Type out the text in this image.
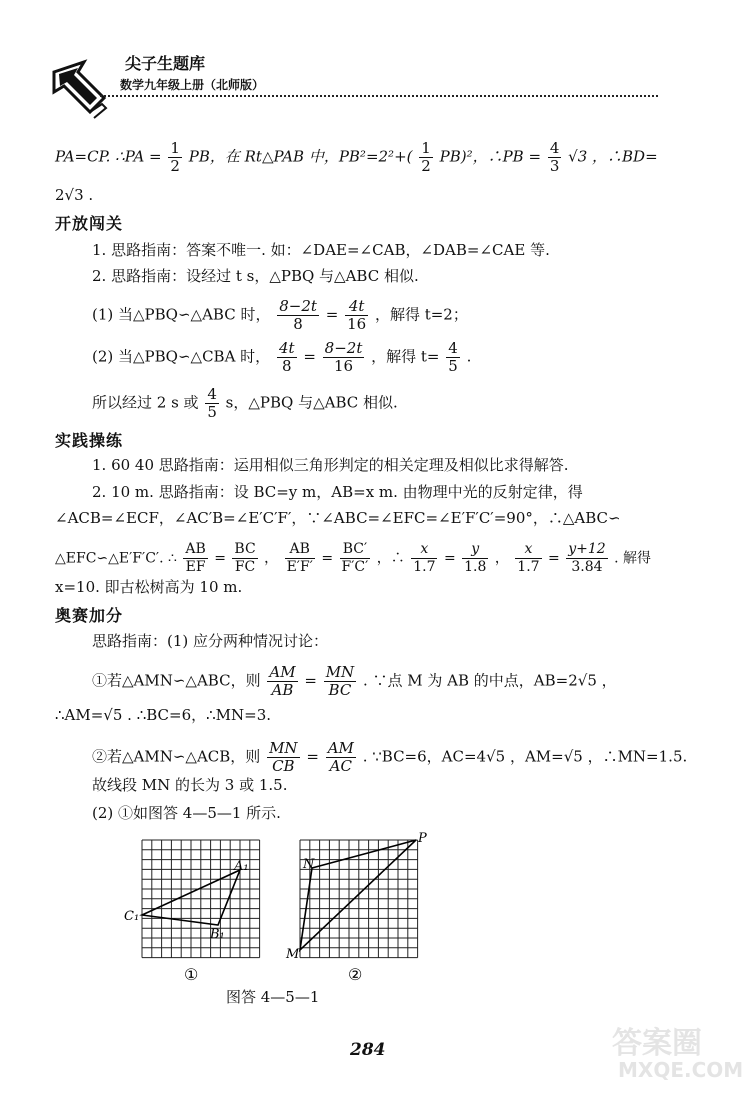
尖子生题库
数学九年级上册（北师版）
PA=CP. ∴PA = $\frac{1}{2}$ PB，在 Rt△PAB 中，$PB^2=2^2+( \frac{1}{2} PB)^2$，∴PB = $\frac{4}{3} √3$ ，∴BD=
2√3 .
开放闯关
1. 思路指南：答案不唯一. 如：∠DAE=∠CAB，∠DAB=∠CAE 等.
2. 思路指南：设经过 t s，△PBQ 与△ABC 相似.
(1) 当△PBQ∽△ABC 时， $\frac{8-2t}{8} = \frac{4t}{16}$ ，解得 t=2；
(2) 当△PBQ∽△CBA 时， $\frac{4t}{8} = \frac{8-2t}{16}$ ，解得 $t= \frac{4}{5}$ .
所以经过 2 s 或 $\frac{4}{5}$ s，△PBQ 与△ABC 相似.
实践操练
1. 60 40 思路指南：运用相似三角形判定的相关定理及相似比求得解答.
2. 10 m. 思路指南：设 BC=y m，AB=x m. 由物理中光的反射定律，得
∠ACB=∠ECF，∠AC′B=∠E′C′F′，∵∠ABC=∠EFC=∠E′F′C′=90°，∴△ABC∽
△EFC∽△E′F′C′. ∴ $\frac{AB}{EF} = \frac{BC}{FC}$ ， $\frac{AB}{E'F'} = \frac{BC'}{F'C'}$ ，∴ $\frac{x}{1.7} = \frac{y}{1.8}$ ， $\frac{x}{1.7} = \frac{y+12}{3.84}$ . 解得
x=10. 即古松树高为 10 m.
奥赛加分
思路指南：(1) 应分两种情况讨论：
①若△AMN∽△ABC，则 $\frac{AM}{AB} = \frac{MN}{BC}$ . ∵点 M 为 AB 的中点，AB=2√5 ，
∴AM=√5 . ∴BC=6，∴MN=3.
②若△AMN∽△ACB，则 $\frac{MN}{CB} = \frac{AM}{AC}$ . ∵BC=6，AC=4√5 ，AM=√5 ，∴MN=1.5.
故线段 MN 的长为 3 或 1.5.
(2) ①如图答 4—5—1 所示.
A₁
B₁
C₁
N
P
M
①	②
图答 4—5—1
284	答案圈
MXQE.COM
